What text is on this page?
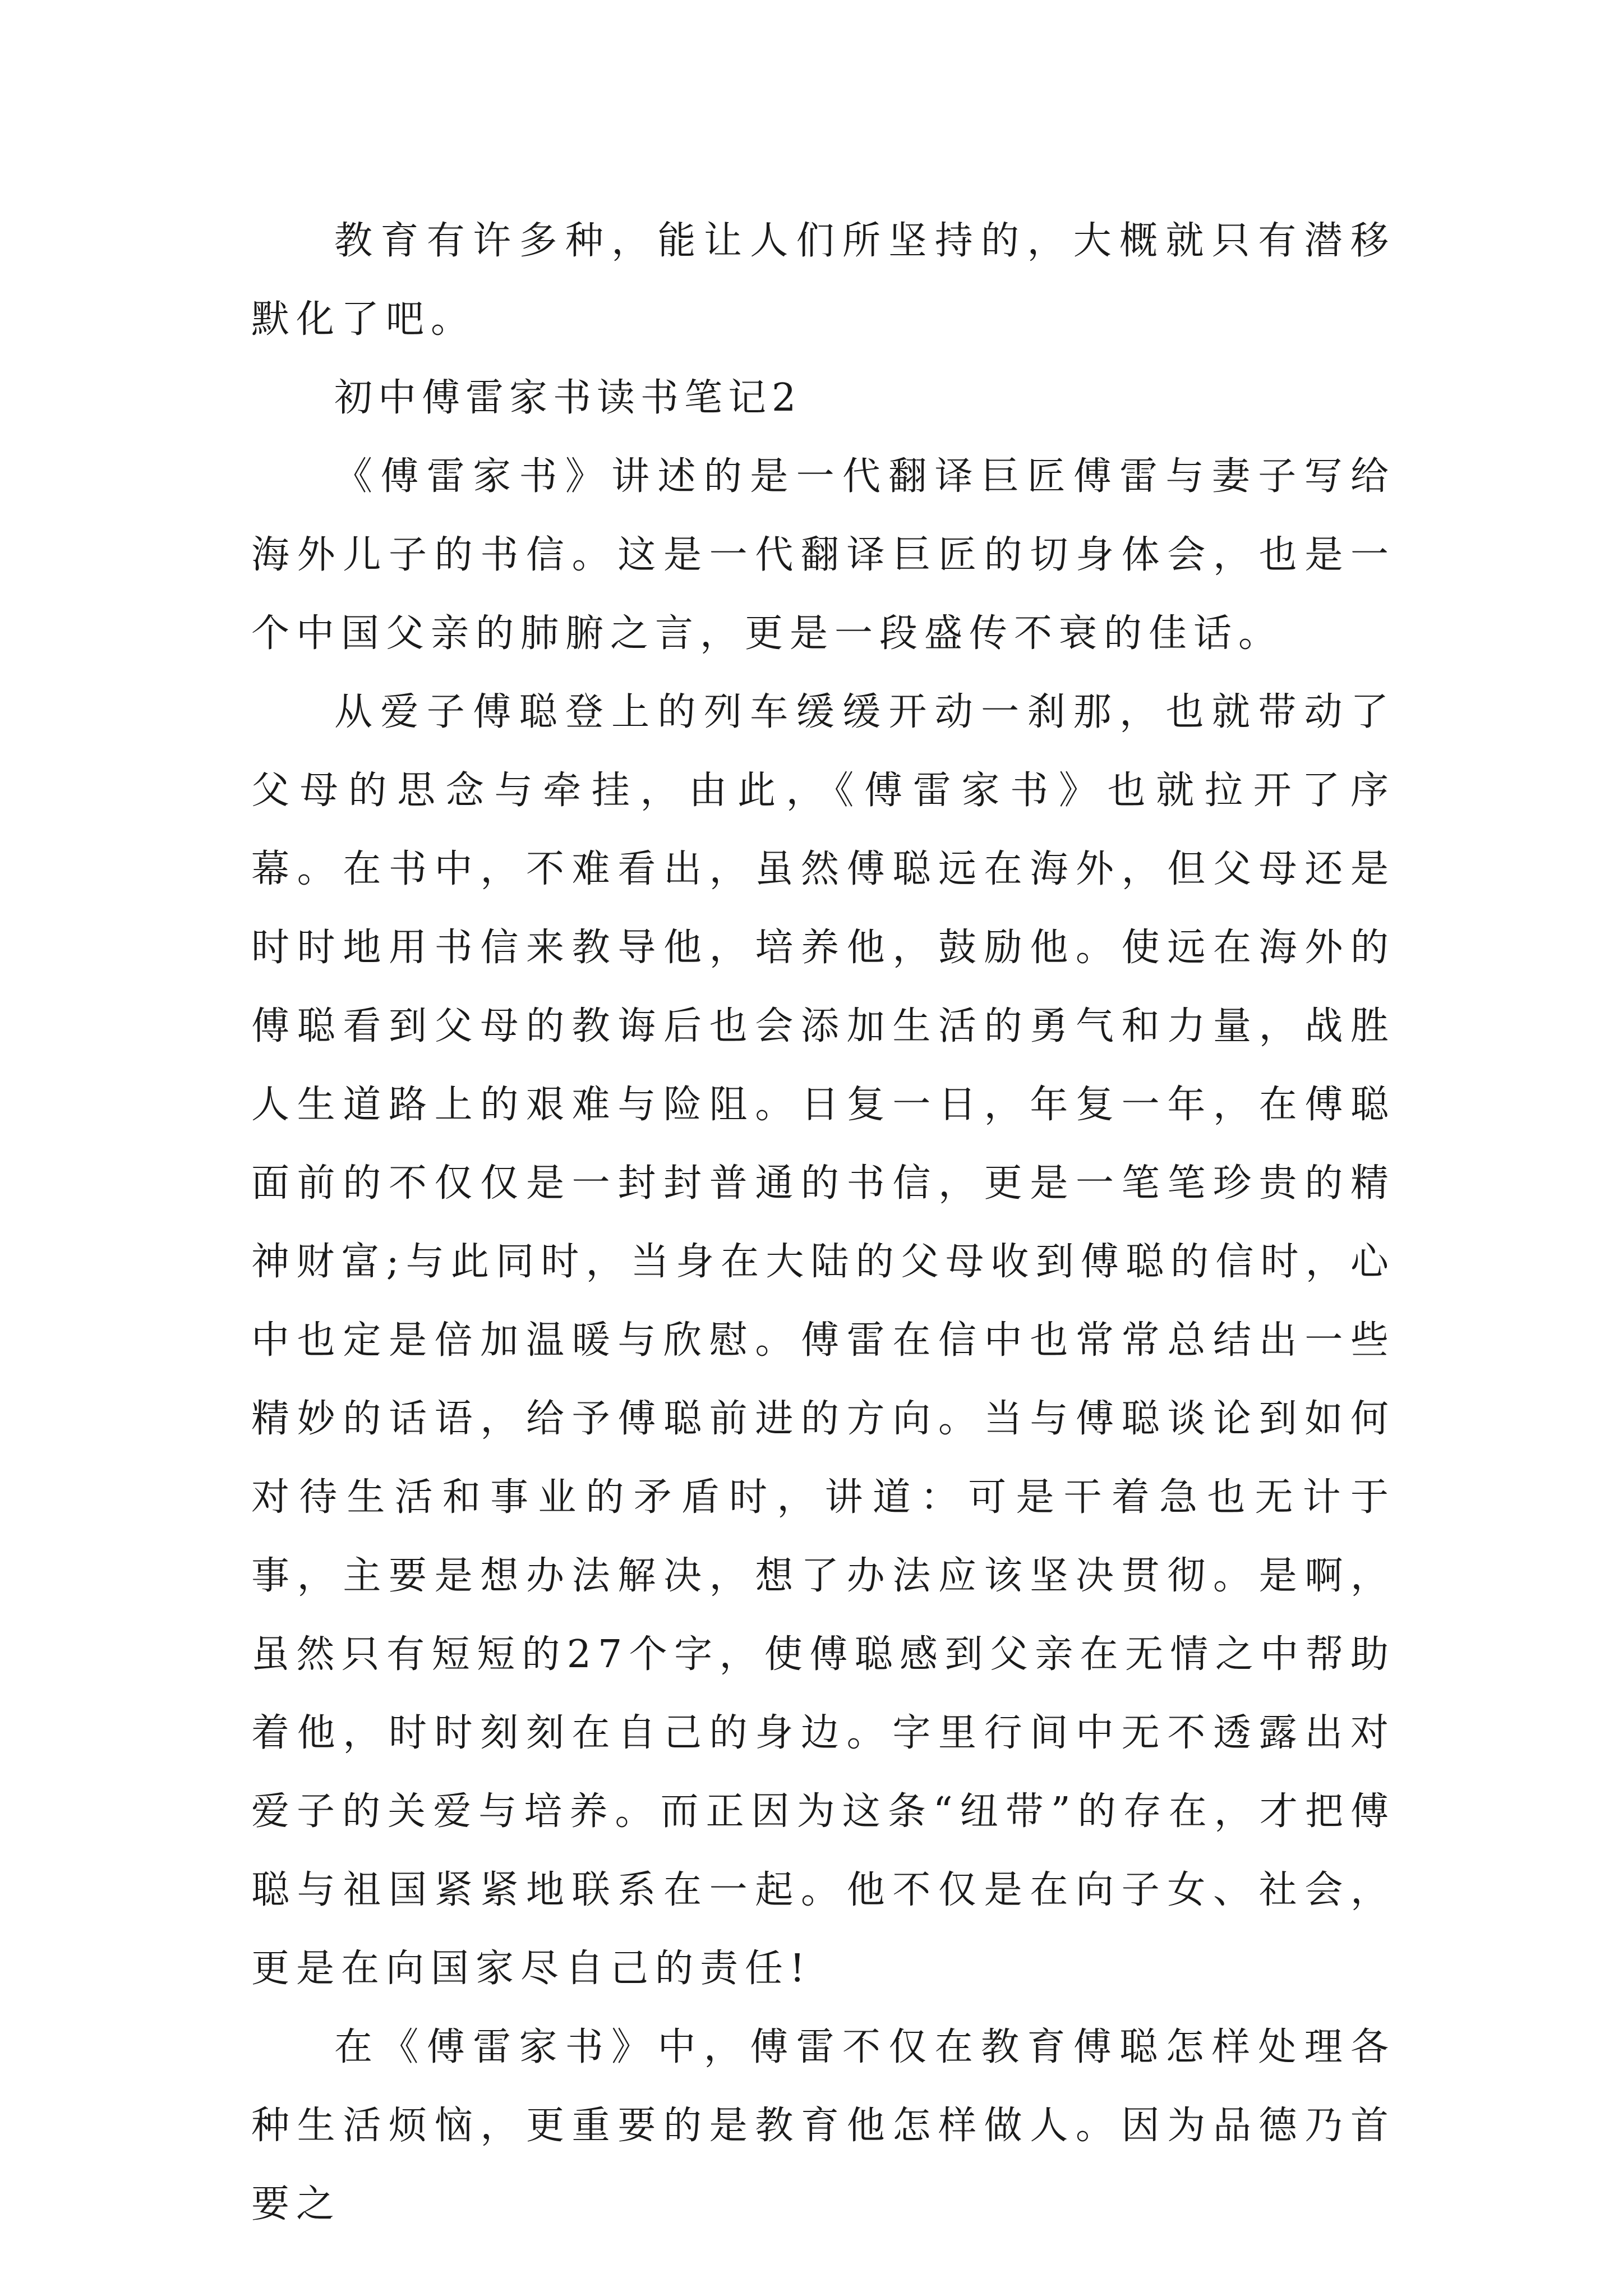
教育有许多种，能让人们所坚持的，大概就只有潜移默化了吧。

初中傅雷家书读书笔记2

《傅雷家书》讲述的是一代翻译巨匠傅雷与妻子写给海外儿子的书信。这是一代翻译巨匠的切身体会，也是一个中国父亲的肺腑之言，更是一段盛传不衰的佳话。

从爱子傅聪登上的列车缓缓开动一刹那，也就带动了父母的思念与牵挂，由此，《傅雷家书》也就拉开了序幕。在书中，不难看出，虽然傅聪远在海外，但父母还是时时地用书信来教导他，培养他，鼓励他。使远在海外的傅聪看到父母的教诲后也会添加生活的勇气和力量，战胜人生道路上的艰难与险阻。日复一日，年复一年，在傅聪面前的不仅仅是一封封普通的书信，更是一笔笔珍贵的精神财富;与此同时，当身在大陆的父母收到傅聪的信时，心中也定是倍加温暖与欣慰。傅雷在信中也常常总结出一些精妙的话语，给予傅聪前进的方向。当与傅聪谈论到如何对待生活和事业的矛盾时，讲道：可是干着急也无计于事，主要是想办法解决，想了办法应该坚决贯彻。是啊，虽然只有短短的27个字，使傅聪感到父亲在无情之中帮助着他，时时刻刻在自己的身边。字里行间中无不透露出对爱子的关爱与培养。而正因为这条“纽带”的存在，才把傅聪与祖国紧紧地联系在一起。他不仅是在向子女、社会，更是在向国家尽自己的责任!

在《傅雷家书》中，傅雷不仅在教育傅聪怎样处理各种生活烦恼，更重要的是教育他怎样做人。因为品德乃首要之
